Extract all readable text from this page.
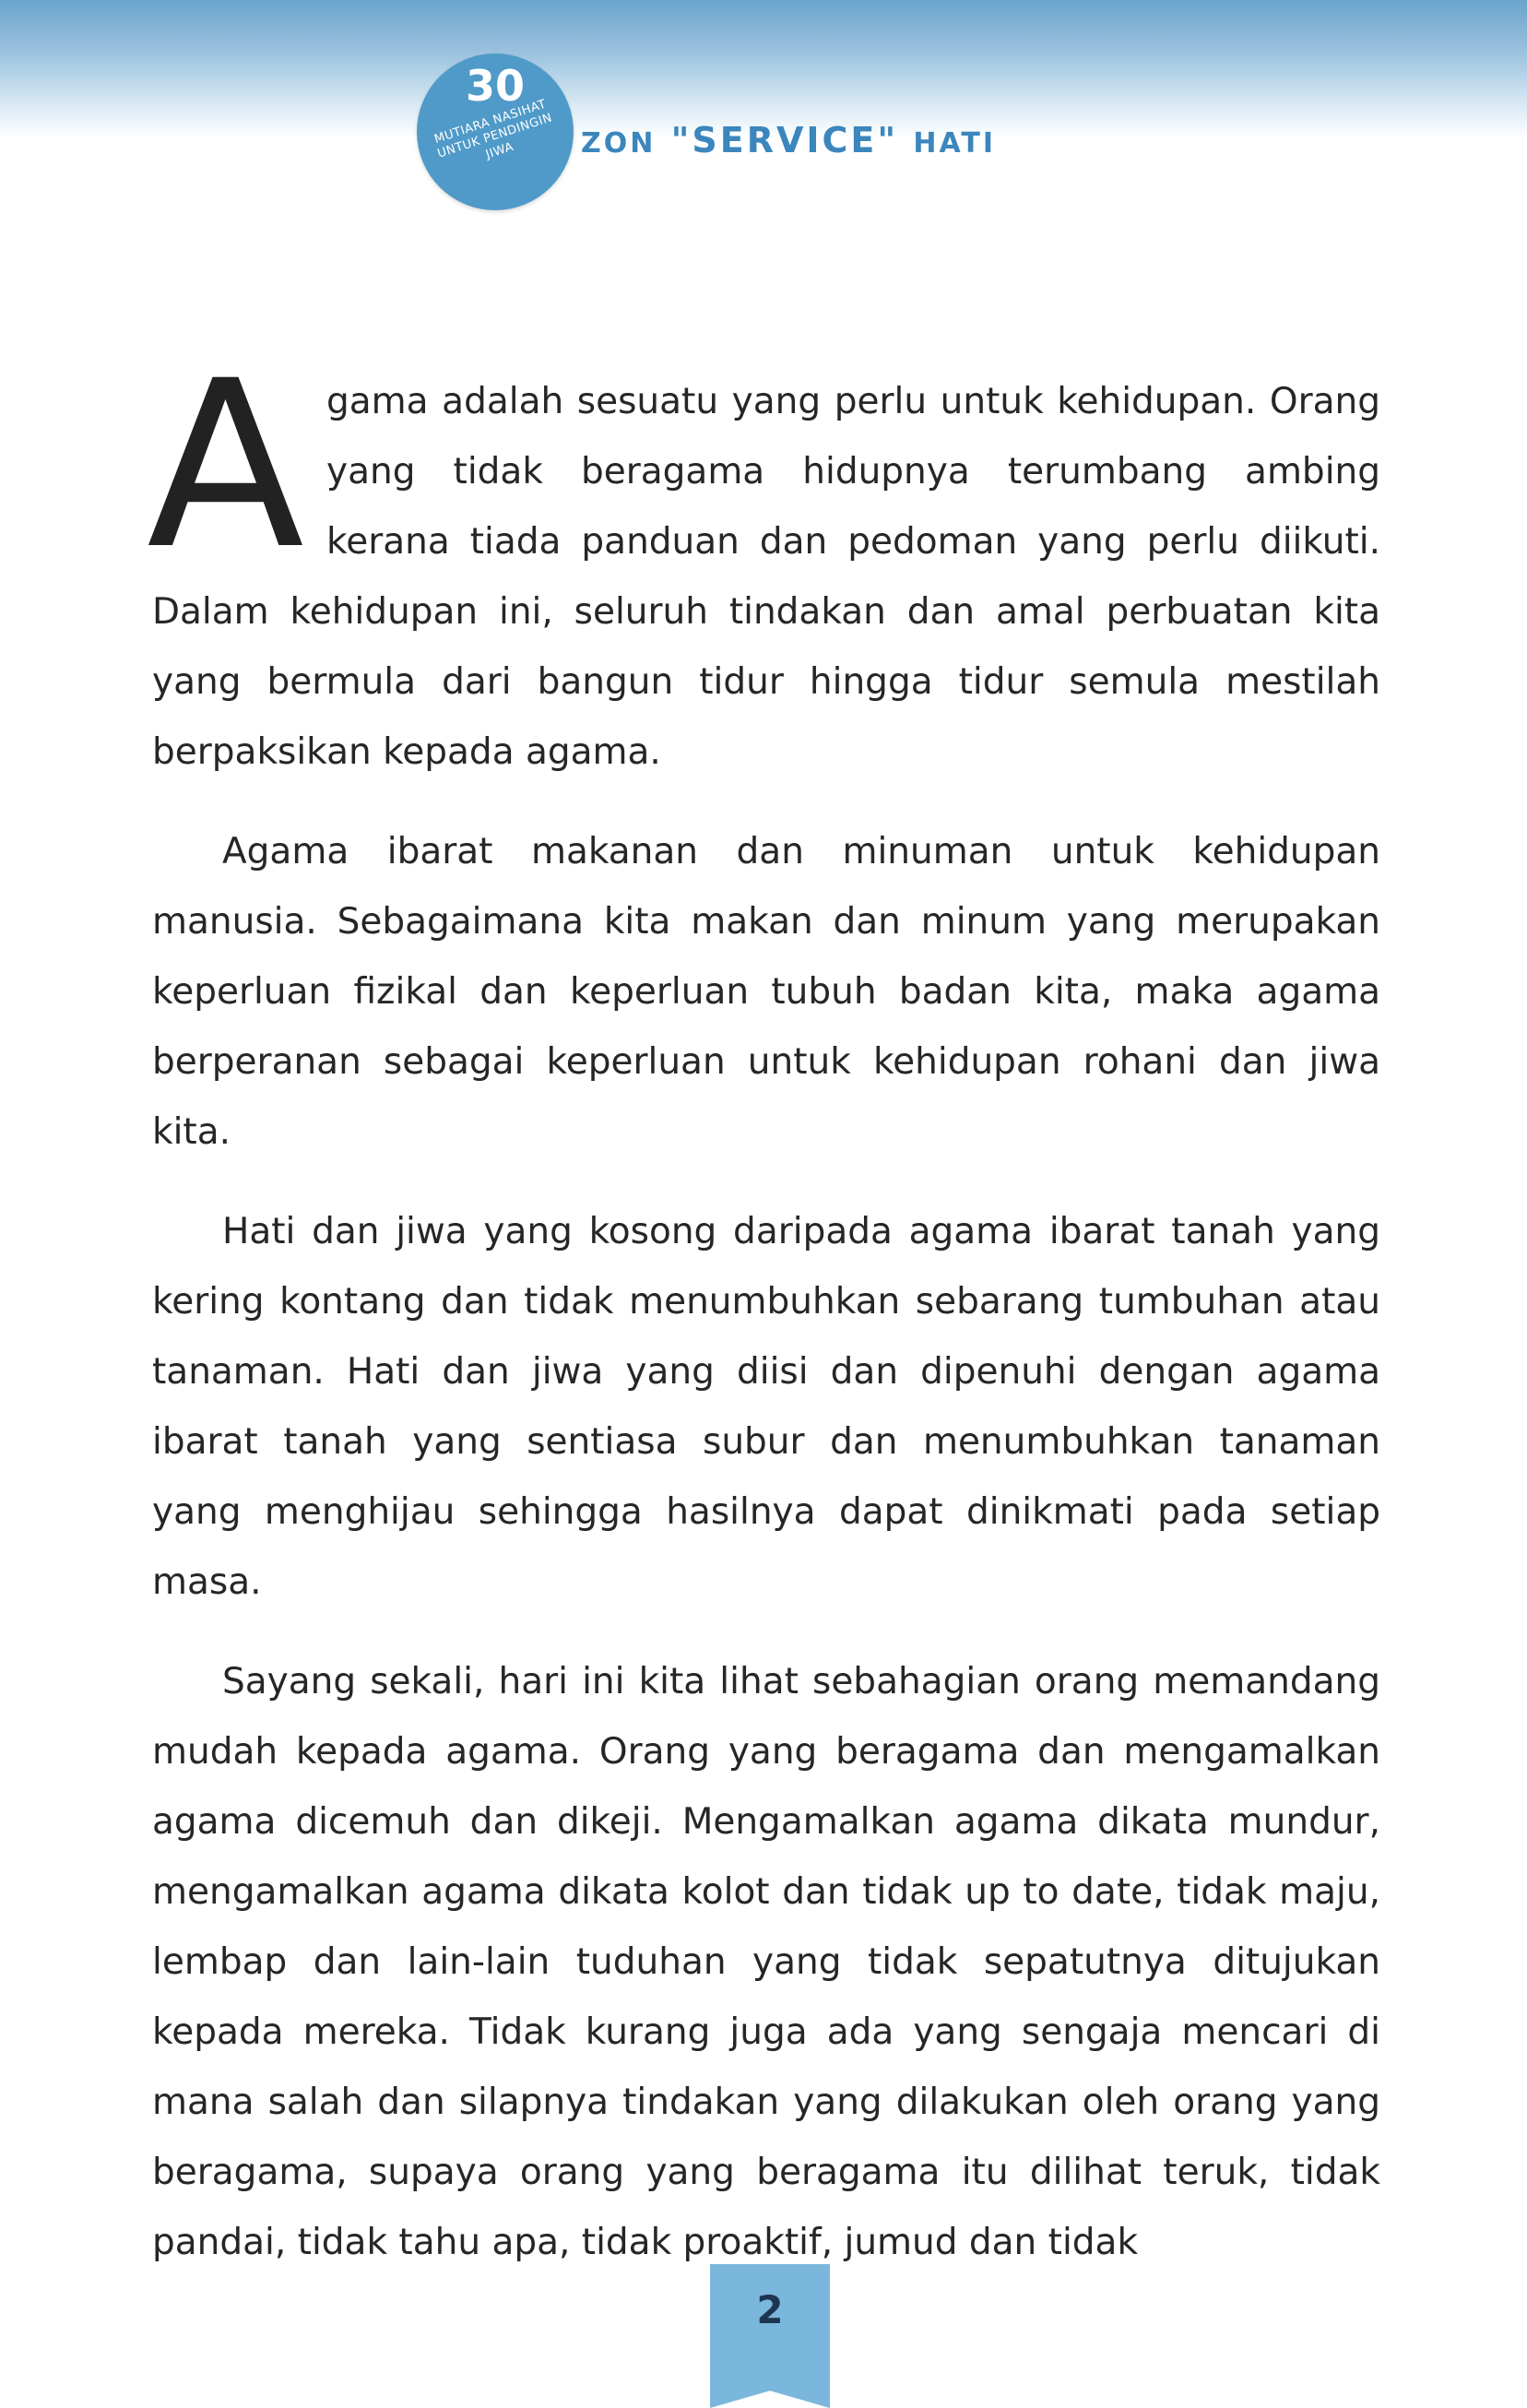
30
MUTIARA NASIHAT UNTUK PENDINGIN JIWA	ZON "SERVICE" HATI

Agama adalah sesuatu yang perlu untuk kehidupan. Orang yang tidak beragama hidupnya terumbang ambing kerana tiada panduan dan pedoman yang perlu diikuti. Dalam kehidupan ini, seluruh tindakan dan amal perbuatan kita yang bermula dari bangun tidur hingga tidur semula mestilah berpaksikan kepada agama.

Agama ibarat makanan dan minuman untuk kehidupan manusia. Sebagaimana kita makan dan minum yang merupakan keperluan fizikal dan keperluan tubuh badan kita, maka agama berperanan sebagai keperluan untuk kehidupan rohani dan jiwa kita.

Hati dan jiwa yang kosong daripada agama ibarat tanah yang kering kontang dan tidak menumbuhkan sebarang tumbuhan atau tanaman. Hati dan jiwa yang diisi dan dipenuhi dengan agama ibarat tanah yang sentiasa subur dan menumbuhkan tanaman yang menghijau sehingga hasilnya dapat dinikmati pada setiap masa.

Sayang sekali, hari ini kita lihat sebahagian orang memandang mudah kepada agama. Orang yang beragama dan mengamalkan agama dicemuh dan dikeji. Mengamalkan agama dikata mundur, mengamalkan agama dikata kolot dan tidak up to date, tidak maju, lembap dan lain-lain tuduhan yang tidak sepatutnya ditujukan kepada mereka. Tidak kurang juga ada yang sengaja mencari di mana salah dan silapnya tindakan yang dilakukan oleh orang yang beragama, supaya orang yang beragama itu dilihat teruk, tidak pandai, tidak tahu apa, tidak proaktif, jumud dan tidak

2
